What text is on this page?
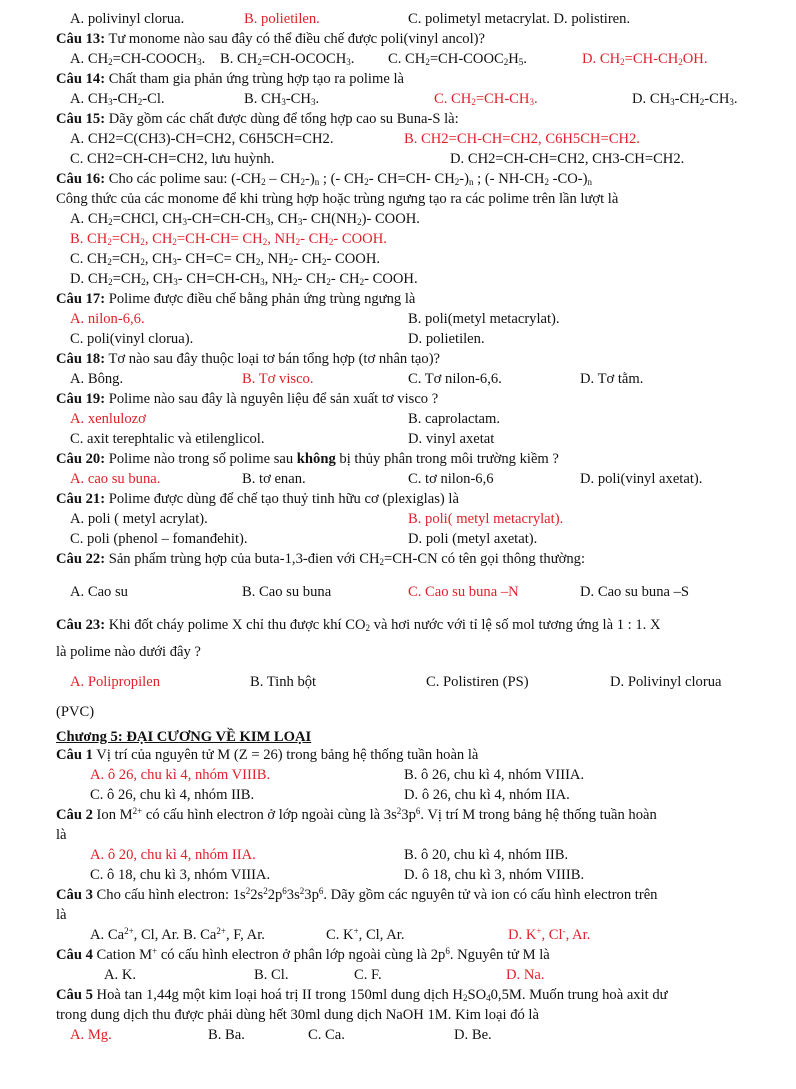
A. polivinyl clorua.	B. polietilen.	C. polimetyl metacrylat. D. polistiren.
Câu 13: Tư monome nào sau đây có thể điều chế được poli(vinyl ancol)?
A. $CH_2=CH-COOCH_3$. B. $CH_2=CH-OCOCH_3$. C. $CH_2=CH-COOC_2H_5$.	D. $CH_2=CH-CH_2OH$.
Câu 14: Chất tham gia phản ứng trùng hợp tạo ra polime là
A. $CH_3-CH_2-Cl$.	B. $CH_3-CH_3$.	C. $CH_2=CH-CH_3$.	D. $CH_3-CH_2-CH_3$.
Câu 15: Dãy gồm các chất được dùng để tổng hợp cao su Buna-S là:
A. CH2=C(CH3)-CH=CH2, C6H5CH=CH2.	B. CH2=CH-CH=CH2, C6H5CH=CH2.
C. CH2=CH-CH=CH2, lưu huỳnh.	D. CH2=CH-CH=CH2, CH3-CH=CH2.
Câu 16: Cho các polime sau: $(-CH_2 - CH_2-)_n$ ; (- $CH_2-$ CH=CH- $CH_2-)_n$ ; (- $NH-CH_2$ $-CO-)_n$
Công thức của các monome để khi trùng hợp hoặc trùng ngưng tạo ra các polime trên lần lượt là
A. $CH_2=CHCl$, $CH_3-CH=CH-CH_3$, $CH_3-$ $CH(NH_2)-$ COOH.
B. $CH_2=CH_2$, $CH_2=CH-CH= CH_2$, $NH_2-$ $CH_2-$ COOH.
C. $CH_2=CH_2$, $CH_3-$ $CH=C= CH_2$, $NH_2-$ $CH_2-$ COOH.
D. $CH_2=CH_2$, $CH_3-$ $CH=CH-CH_3$, $NH_2-$ $CH_2-$ $CH_2-$ COOH.
Câu 17: Polime được điều chế bằng phản ứng trùng ngưng là
A. nilon-6,6.	B. poli(metyl metacrylat).
C. poli(vinyl clorua).	D. polietilen.
Câu 18: Tơ nào sau đây thuộc loại tơ bán tổng hợp (tơ nhân tạo)?
A. Bông.	B. Tơ visco.	C. Tơ nilon-6,6.	D. Tơ tằm.
Câu 19: Polime nào sau đây là nguyên liệu để sản xuất tơ visco ?
A. xenlulozơ	B. caprolactam.
C. axit terephtalic và etilenglicol.	D. vinyl axetat
Câu 20: Polime nào trong số polime sau không bị thủy phân trong môi trường kiềm ?
A. cao su buna.	B. tơ enan.	C. tơ nilon-6,6	D. poli(vinyl axetat).
Câu 21: Polime được dùng để chế tạo thuỷ tinh hữu cơ (plexiglas) là
A. poli ( metyl acrylat).	B. poli( metyl metacrylat).
C. poli (phenol – fomanđehit).	D. poli (metyl axetat).
Câu 22: Sản phẩm trùng hợp của buta-1,3-đien với $CH_2=CH-CN$ có tên gọi thông thường:
A. Cao su	B. Cao su buna	C. Cao su buna –N	D. Cao su buna –S
Câu 23: Khi đốt cháy polime X chỉ thu được khí $CO_2$ và hơi nước với tỉ lệ số mol tương ứng là 1 : 1. X
là polime nào dưới đây ?
A. Polipropilen	B. Tinh bột	C. Polistiren (PS)	D. Polivinyl clorua
(PVC)
Chương 5: ĐẠI CƯƠNG VỀ KIM LOẠI
Câu 1 Vị trí của nguyên tử M (Z = 26) trong bảng hệ thống tuần hoàn là
A. ô 26, chu kì 4, nhóm VIIIB.	B. ô 26, chu kì 4, nhóm VIIIA.
C. ô 26, chu kì 4, nhóm IIB.	D. ô 26, chu kì 4, nhóm IIA.
Câu 2 Ion $M^{2+}$ có cấu hình electron ở lớp ngoài cùng là $3s^23p^6$. Vị trí M trong bảng hệ thống tuần hoàn
là
A. ô 20, chu kì 4, nhóm IIA.	B. ô 20, chu kì 4, nhóm IIB.
C. ô 18, chu kì 3, nhóm VIIIA.	D. ô 18, chu kì 3, nhóm VIIIB.
Câu 3 Cho cấu hình electron: $1s^22s^22p^63s^23p^6$. Dãy gồm các nguyên tử và ion có cấu hình electron trên
là
A. $Ca^{2+}$, Cl, Ar. B. $Ca^{2+}$, F, Ar.	C. K+, Cl, Ar.	D. K+, Cl-, Ar.
Câu 4 Cation M+ có cấu hình electron ở phân lớp ngoài cùng là $2p^6$. Nguyên tử M là
A. K.	B. Cl.	C. F.	D. Na.
Câu 5 Hoà tan 1,44g một kim loại hoá trị II trong 150ml dung dịch $H_2SO_40,5M$. Muốn trung hoà axit dư
trong dung dịch thu được phải dùng hết 30ml dung dịch NaOH 1M. Kim loại đó là
A. Mg.	B. Ba.	C. Ca.	D. Be.
